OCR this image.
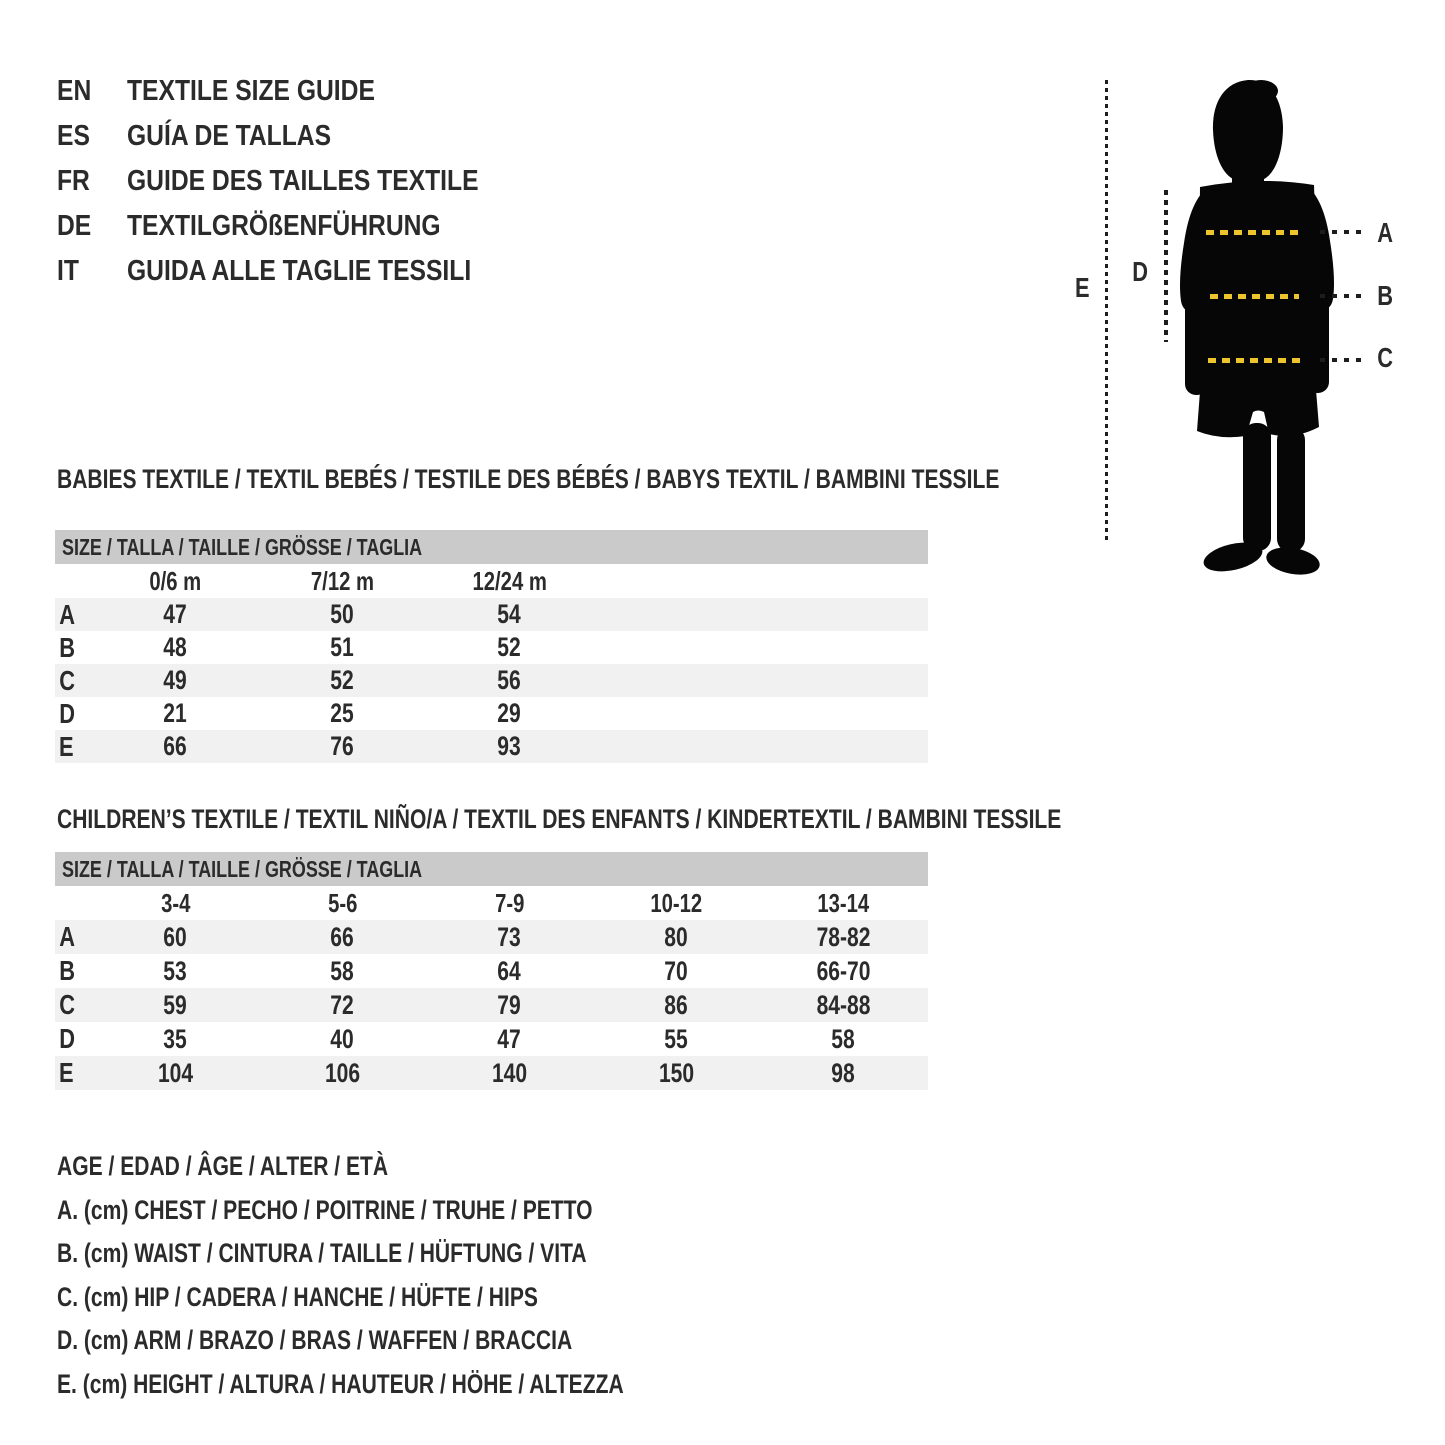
EN TEXTILE SIZE GUIDE
ES GUÍA DE TALLAS
FR GUIDE DES TAILLES TEXTILE
DE TEXTILGRÖßENFÜHRUNG
IT GUIDA ALLE TAGLIE TESSILI
E
D
A
B
C
BABIES TEXTILE / TEXTIL BEBÉS / TESTILE DES BÉBÉS / BABYS TEXTIL / BAMBINI TESSILE
SIZE / TALLA / TAILLE / GRÖSSE / TAGLIA
0/6 m	7/12 m	12/24 m
A	47	50	54
B	48	51	52
C	49	52	56
D	21	25	29
E	66	76	93
CHILDREN’S TEXTILE / TEXTIL NIÑO/A / TEXTIL DES ENFANTS / KINDERTEXTIL / BAMBINI TESSILE
SIZE / TALLA / TAILLE / GRÖSSE / TAGLIA
3-4	5-6	7-9	10-12	13-14
A	60	66	73	80	78-82
B	53	58	64	70	66-70
C	59	72	79	86	84-88
D	35	40	47	55	58
E	104	106	140	150	98
AGE / EDAD / ÂGE / ALTER / ETÀ
A. (cm) CHEST / PECHO / POITRINE / TRUHE / PETTO
B. (cm) WAIST / CINTURA / TAILLE / HÜFTUNG / VITA
C. (cm) HIP / CADERA / HANCHE / HÜFTE / HIPS
D. (cm) ARM / BRAZO / BRAS / WAFFEN / BRACCIA
E. (cm) HEIGHT / ALTURA / HAUTEUR / HÖHE / ALTEZZA
